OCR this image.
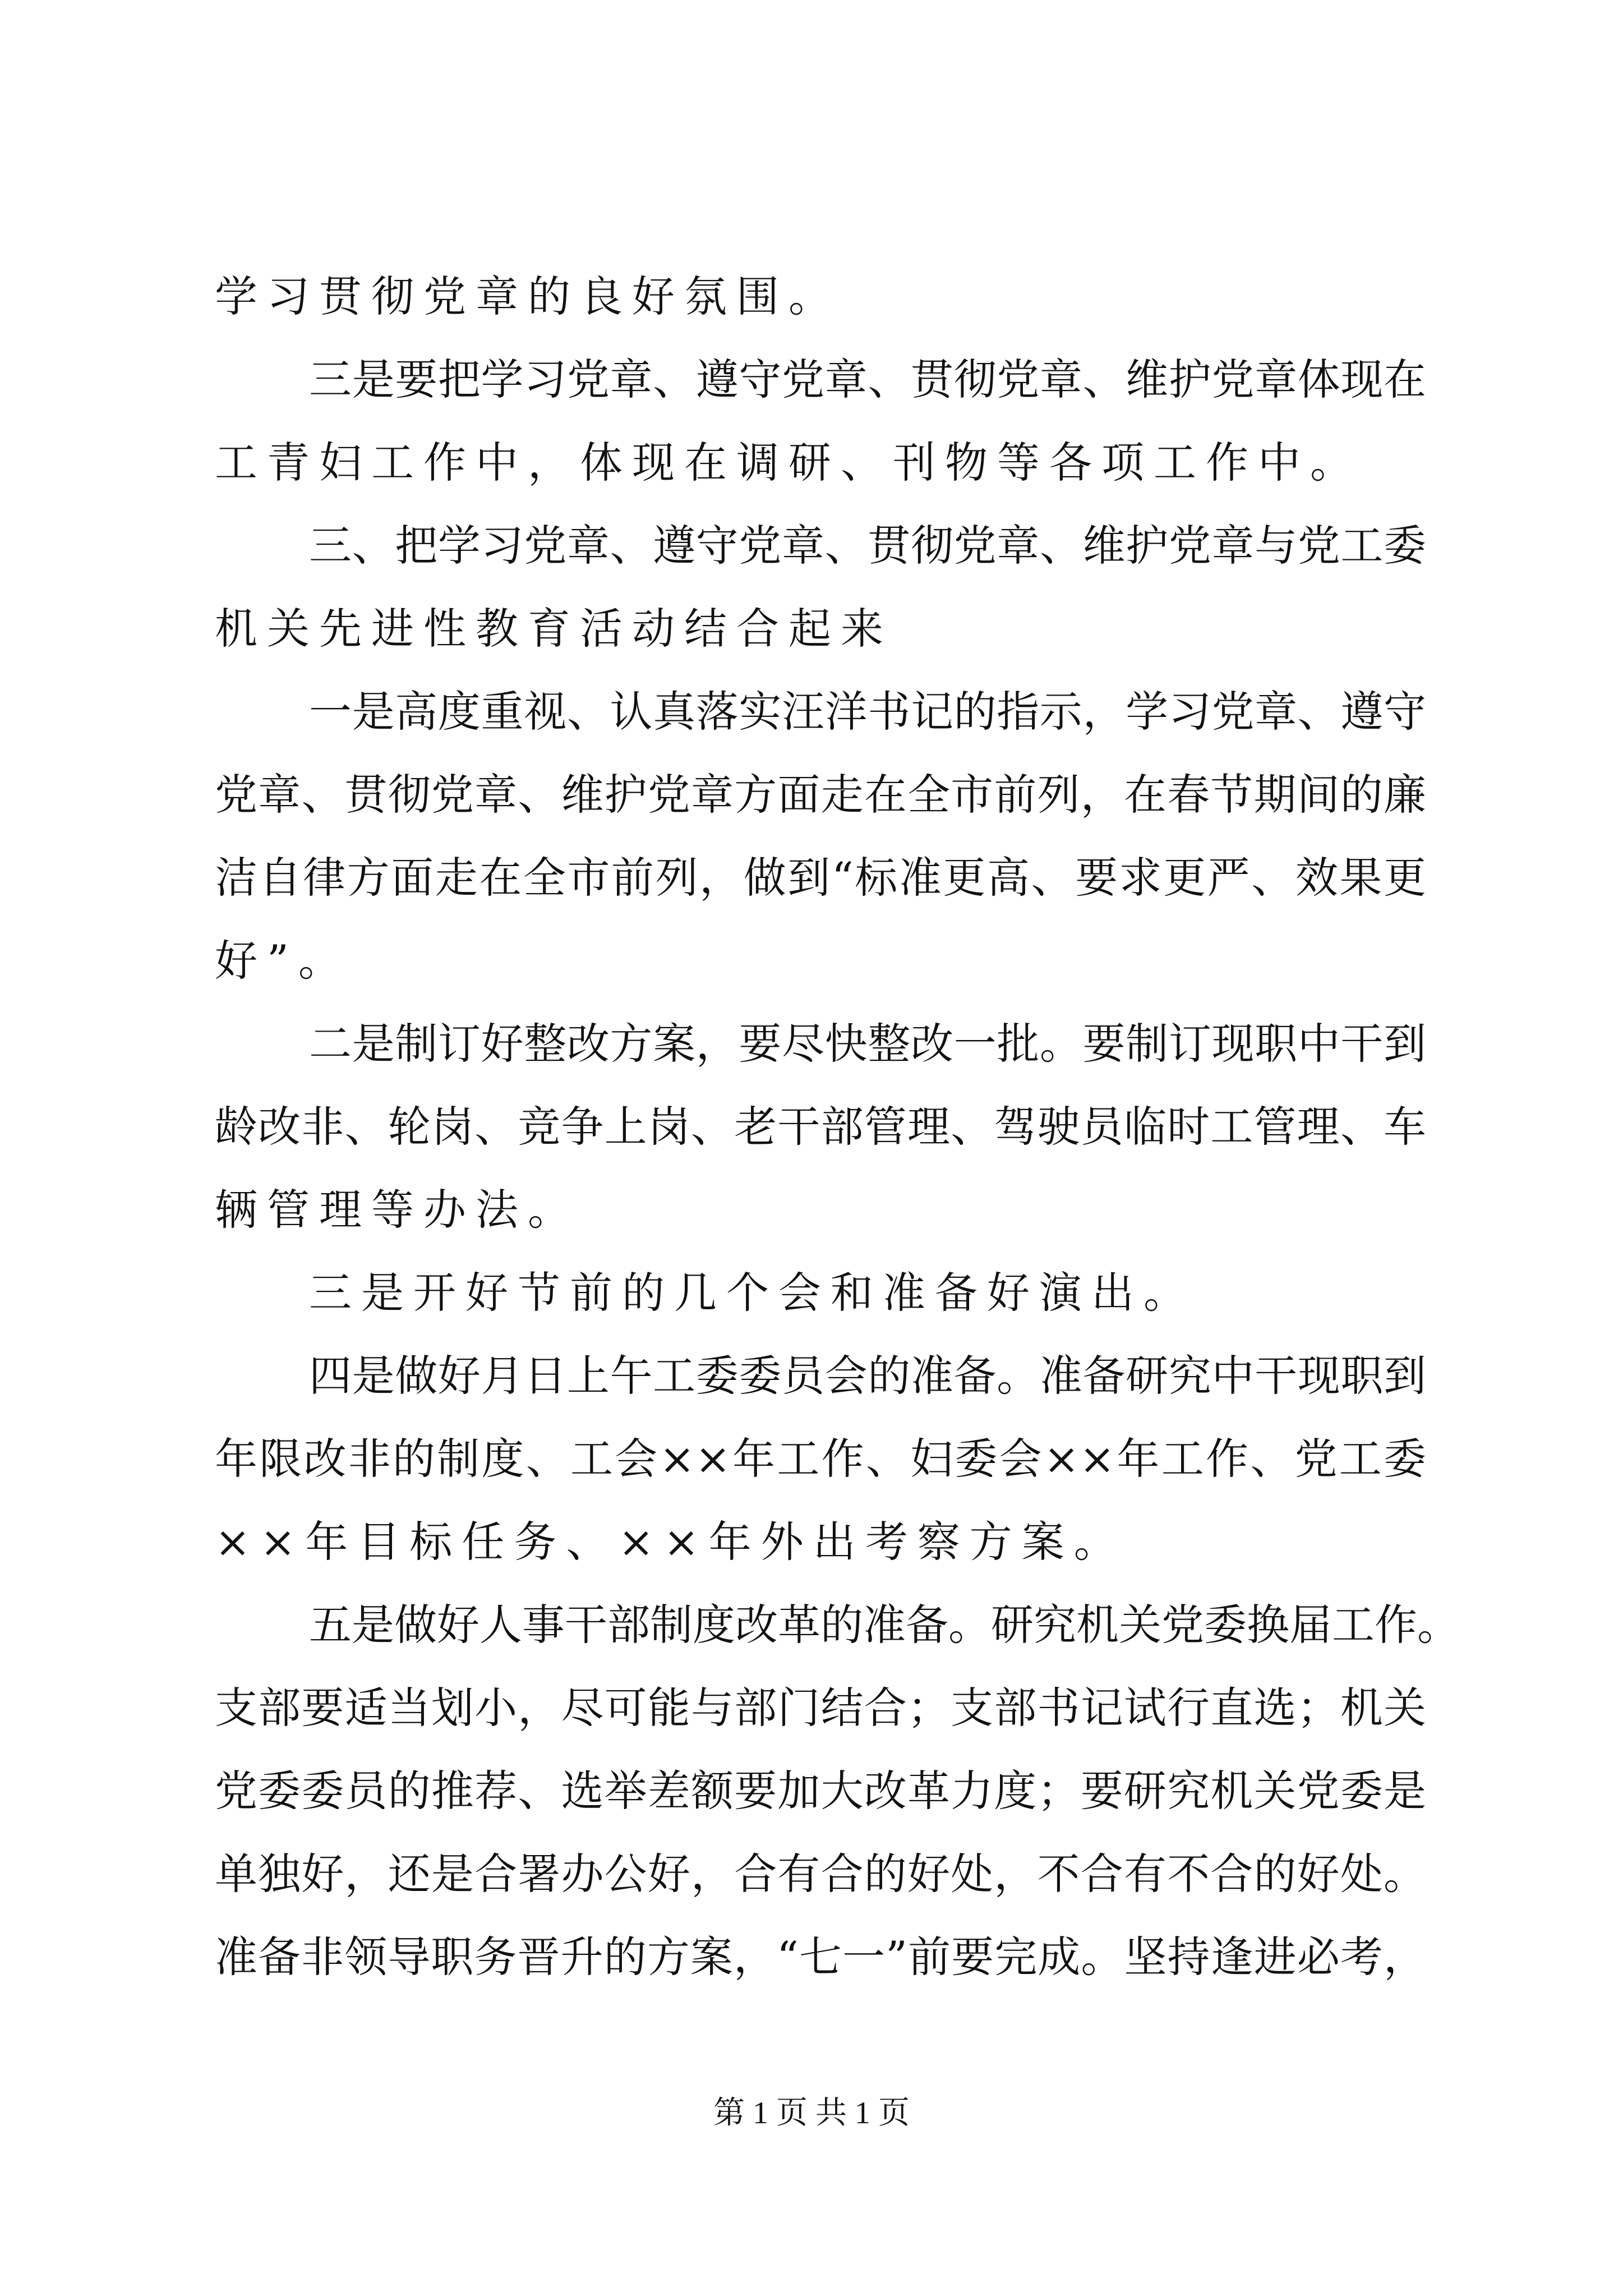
学习贯彻党章的良好氛围。
三是要把学习党章、遵守党章、贯彻党章、维护党章体现在
工青妇工作中，体现在调研、刊物等各项工作中。
三、把学习党章、遵守党章、贯彻党章、维护党章与党工委
机关先进性教育活动结合起来
一是高度重视、认真落实汪洋书记的指示，学习党章、遵守
党章、贯彻党章、维护党章方面走在全市前列，在春节期间的廉
洁自律方面走在全市前列，做到“标准更高、要求更严、效果更
好”。
二是制订好整改方案，要尽快整改一批。要制订现职中干到
龄改非、轮岗、竞争上岗、老干部管理、驾驶员临时工管理、车
辆管理等办法。
三是开好节前的几个会和准备好演出。
四是做好月日上午工委委员会的准备。准备研究中干现职到
年限改非的制度、工会××年工作、妇委会××年工作、党工委
××年目标任务、××年外出考察方案。
五是做好人事干部制度改革的准备。研究机关党委换届工作。
支部要适当划小，尽可能与部门结合；支部书记试行直选；机关
党委委员的推荐、选举差额要加大改革力度；要研究机关党委是
单独好，还是合署办公好，合有合的好处，不合有不合的好处。
准备非领导职务晋升的方案，“七一”前要完成。坚持逢进必考，
第 1 页 共 1 页
